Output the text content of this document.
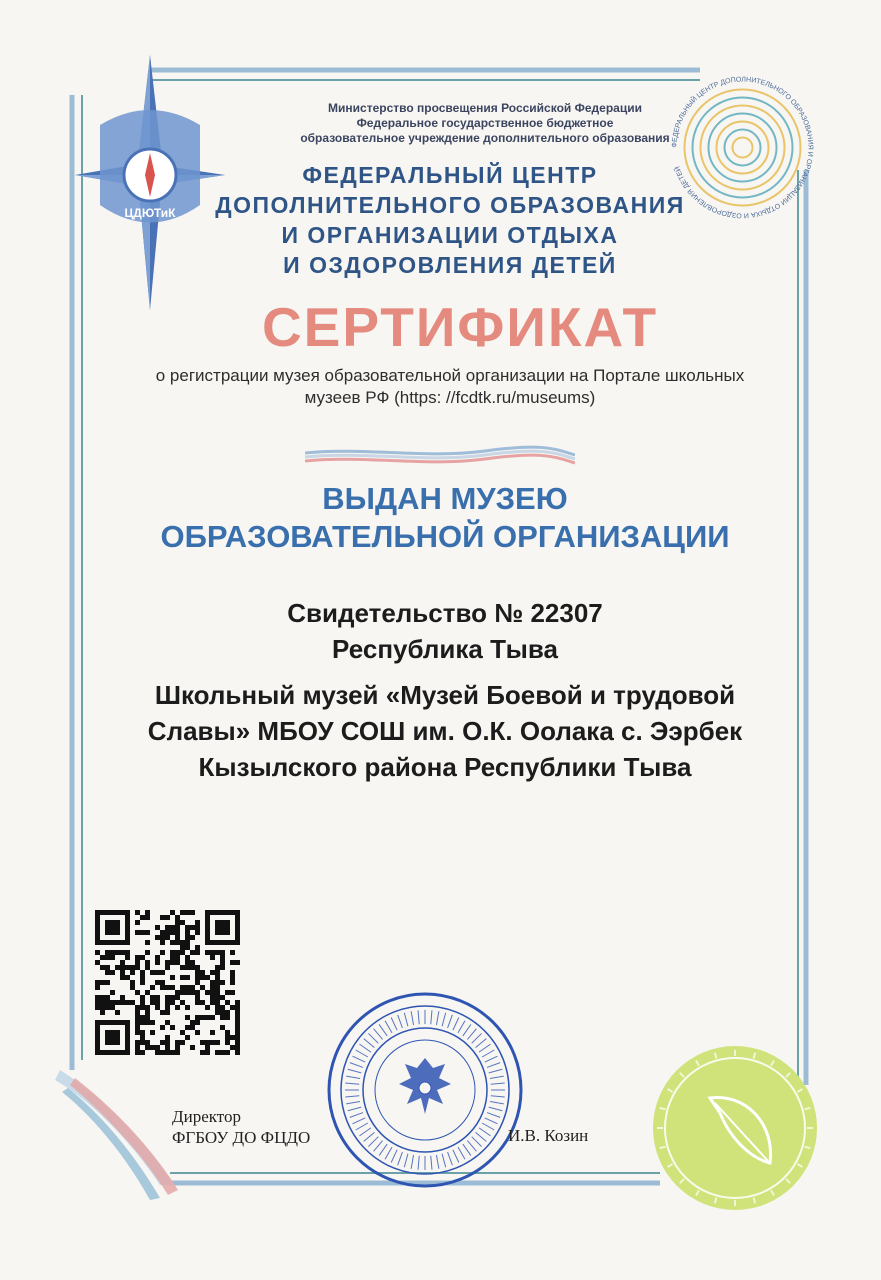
ЦДЮТиК
ФЕДЕРАЛЬНЫЙ ЦЕНТР ДОПОЛНИТЕЛЬНОГО ОБРАЗОВАНИЯ И ОРГАНИЗАЦИИ ОТДЫХА И ОЗДОРОВЛЕНИЯ ДЕТЕЙ
Министерство просвещения Российской Федерации
Федеральное государственное бюджетное
образовательное учреждение дополнительного образования
ФЕДЕРАЛЬНЫЙ ЦЕНТР
ДОПОЛНИТЕЛЬНОГО ОБРАЗОВАНИЯ
И ОРГАНИЗАЦИИ ОТДЫХА
И ОЗДОРОВЛЕНИЯ ДЕТЕЙ
СЕРТИФИКАТ
о регистрации музея образовательной организации на Портале школьных
музеев РФ (https: //fcdtk.ru/museums)
ВЫДАН МУЗЕЮ
ОБРАЗОВАТЕЛЬНОЙ ОРГАНИЗАЦИИ
Свидетельство № 22307
Республика Тыва
Школьный музей «Музей Боевой и трудовой
Славы» МБОУ СОШ им. О.К. Оолака с. Ээрбек
Кызылского района Республики Тыва
Директор
ФГБОУ ДО ФЦДО	И.В. Козин
